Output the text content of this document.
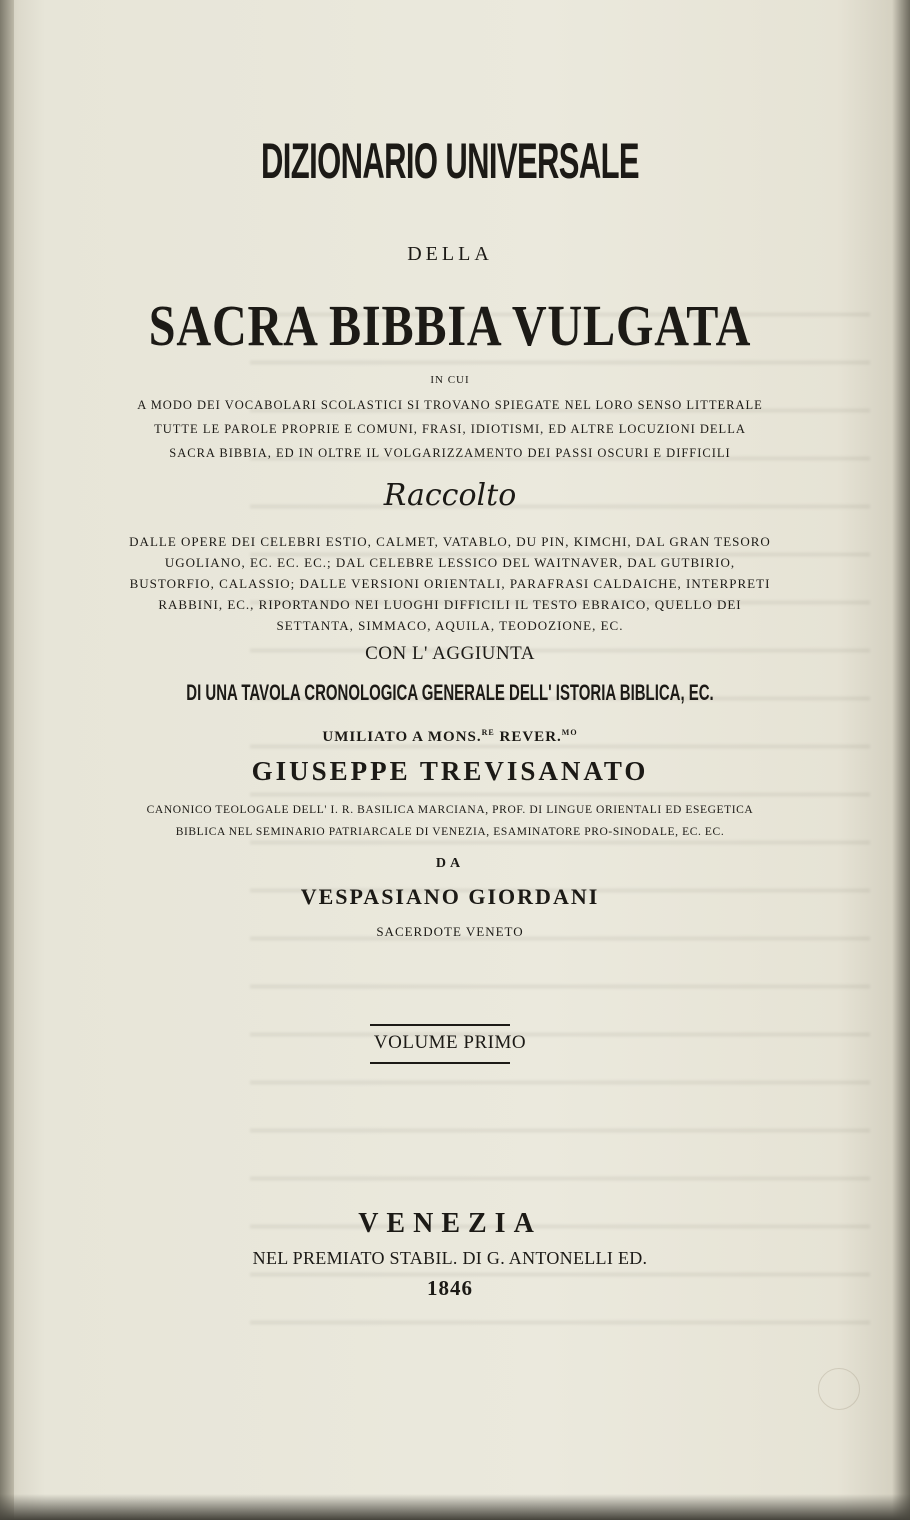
DIZIONARIO UNIVERSALE
DELLA
SACRA BIBBIA VULGATA
IN CUI
A MODO DEI VOCABOLARI SCOLASTICI SI TROVANO SPIEGATE NEL LORO SENSO LITTERALE
TUTTE LE PAROLE PROPRIE E COMUNI, FRASI, IDIOTISMI, ED ALTRE LOCUZIONI DELLA
SACRA BIBBIA, ED IN OLTRE IL VOLGARIZZAMENTO DEI PASSI OSCURI E DIFFICILI
Raccolto
DALLE OPERE DEI CELEBRI ESTIO, CALMET, VATABLO, DU PIN, KIMCHI, DAL GRAN TESORO
UGOLIANO, EC. EC. EC.; DAL CELEBRE LESSICO DEL WAITNAVER, DAL GUTBIRIO,
BUSTORFIO, CALASSIO; DALLE VERSIONI ORIENTALI, PARAFRASI CALDAICHE, INTERPRETI
RABBINI, EC., RIPORTANDO NEI LUOGHI DIFFICILI IL TESTO EBRAICO, QUELLO DEI
SETTANTA, SIMMACO, AQUILA, TEODOZIONE, EC.
CON L' AGGIUNTA
DI UNA TAVOLA CRONOLOGICA GENERALE DELL' ISTORIA BIBLICA, EC.
UMILIATO A MONS.$^{RE}$ REVER.$^{MO}$
GIUSEPPE TREVISANATO
CANONICO TEOLOGALE DELL' I. R. BASILICA MARCIANA, PROF. DI LINGUE ORIENTALI ED ESEGETICA
BIBLICA NEL SEMINARIO PATRIARCALE DI VENEZIA, ESAMINATORE PRO-SINODALE, EC. EC.
DA
VESPASIANO GIORDANI
SACERDOTE VENETO
VOLUME PRIMO
VENEZIA
NEL PREMIATO STABIL. DI G. ANTONELLI ED.
1846
